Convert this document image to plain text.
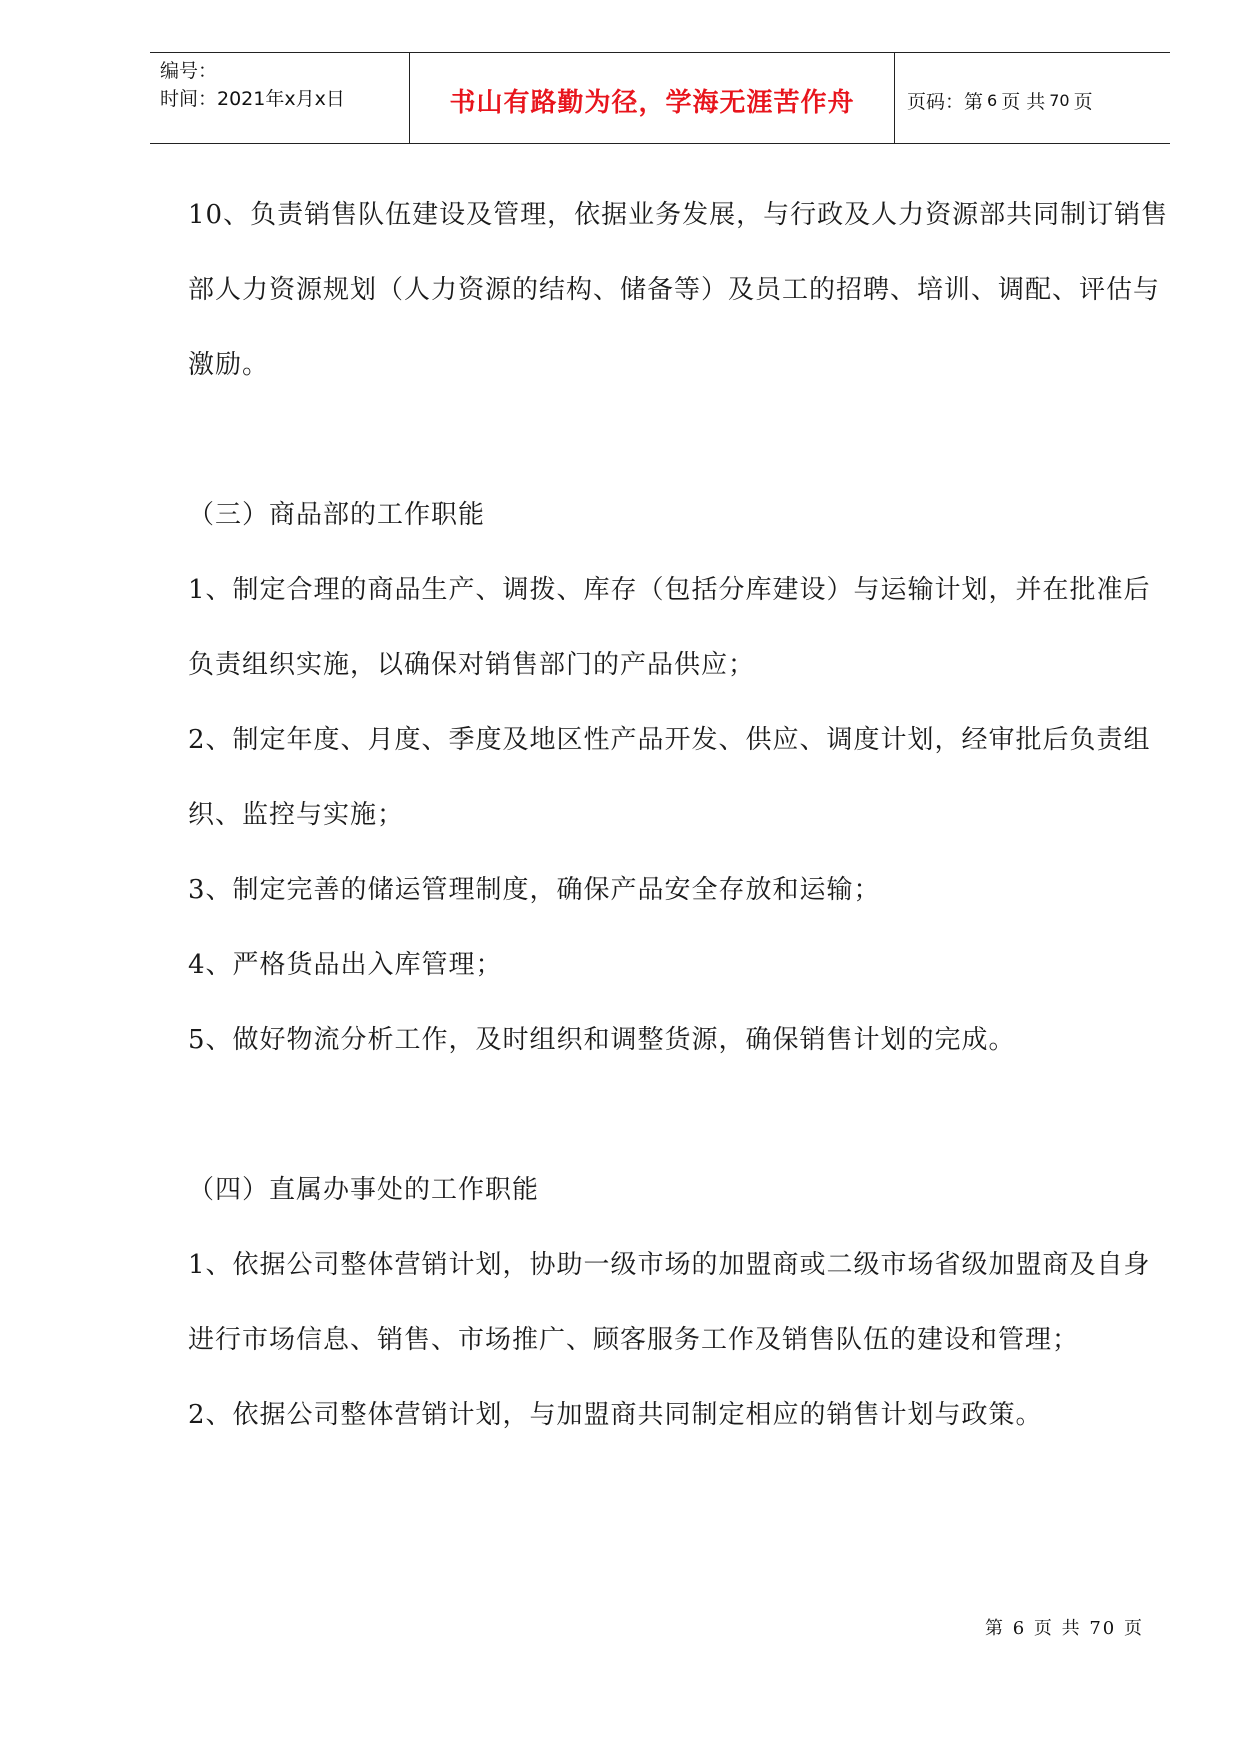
编号：
时间：2021年x月x日	书山有路勤为径，学海无涯苦作舟	页码：第 6 页 共 70 页

10、负责销售队伍建设及管理，依据业务发展，与行政及人力资源部共同制订销售部人力资源规划（人力资源的结构、储备等）及员工的招聘、培训、调配、评估与激励。

（三）商品部的工作职能

1、制定合理的商品生产、调拨、库存（包括分库建设）与运输计划，并在批准后负责组织实施，以确保对销售部门的产品供应；

2、制定年度、月度、季度及地区性产品开发、供应、调度计划，经审批后负责组织、监控与实施；

3、制定完善的储运管理制度，确保产品安全存放和运输；

4、严格货品出入库管理；

5、做好物流分析工作，及时组织和调整货源，确保销售计划的完成。

（四）直属办事处的工作职能

1、依据公司整体营销计划，协助一级市场的加盟商或二级市场省级加盟商及自身进行市场信息、销售、市场推广、顾客服务工作及销售队伍的建设和管理；

2、依据公司整体营销计划，与加盟商共同制定相应的销售计划与政策。

第 6 页 共 70 页
